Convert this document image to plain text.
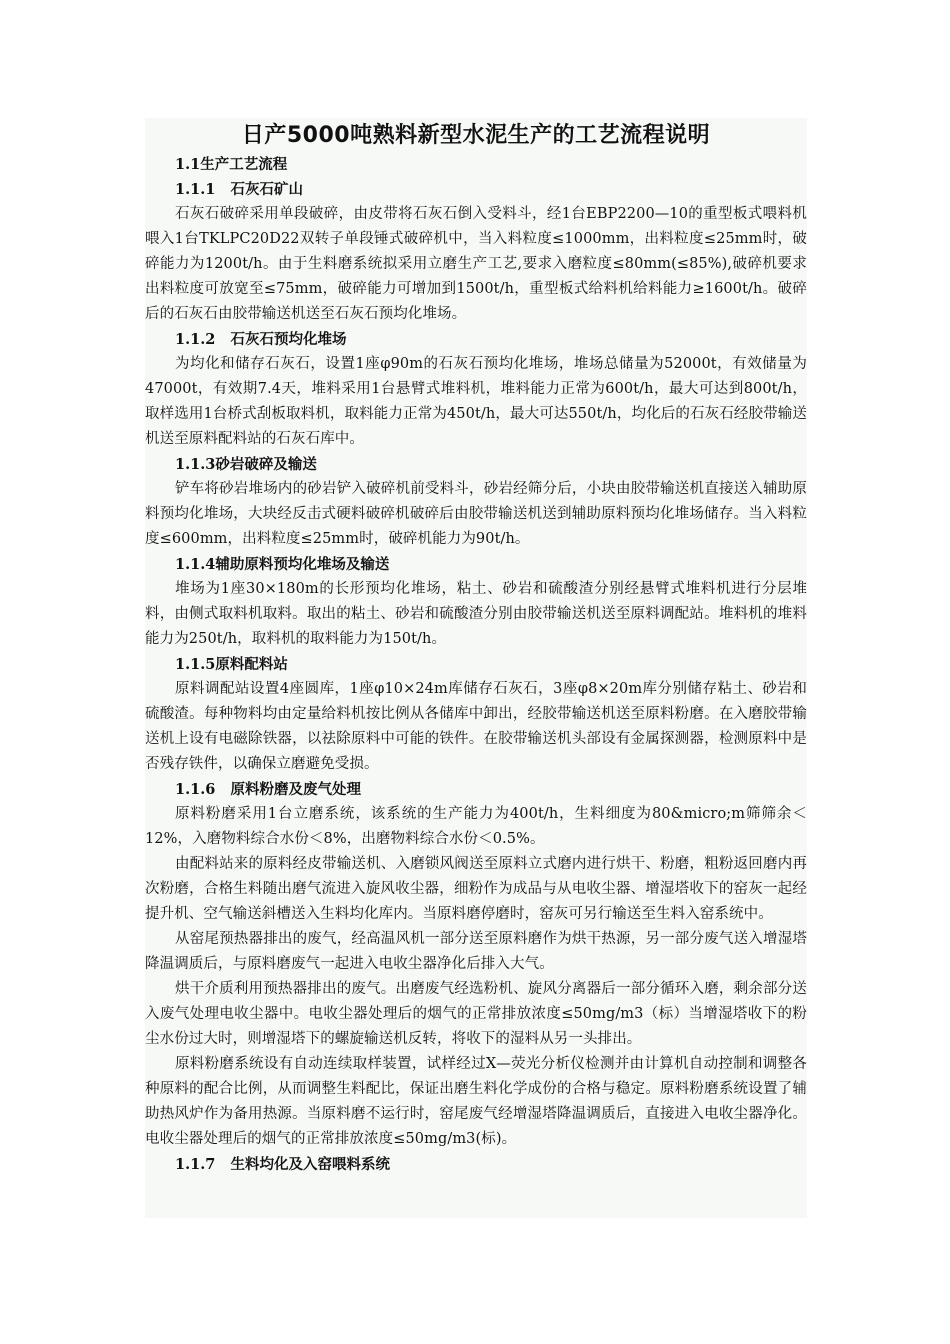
日产5000吨熟料新型水泥生产的工艺流程说明
1.1生产工艺流程
1.1.1   石灰石矿山

石灰石破碎采用单段破碎，由皮带将石灰石倒入受料斗，经1台EBP2200—10的重型板式喂料机喂入1台TKLPC20D22双转子单段锤式破碎机中，当入料粒度≤1000mm，出料粒度≤25mm时，破碎能力为1200t/h。由于生料磨系统拟采用立磨生产工艺,要求入磨粒度≤80mm(≤85%),破碎机要求出料粒度可放宽至≤75mm，破碎能力可增加到1500t/h，重型板式给料机给料能力≥1600t/h。破碎后的石灰石由胶带输送机送至石灰石预均化堆场。

1.1.2   石灰石预均化堆场

为均化和储存石灰石，设置1座φ90m的石灰石预均化堆场，堆场总储量为52000t，有效储量为47000t，有效期7.4天，堆料采用1台悬臂式堆料机，堆料能力正常为600t/h，最大可达到800t/h，取样选用1台桥式刮板取料机，取料能力正常为450t/h，最大可达550t/h，均化后的石灰石经胶带输送机送至原料配料站的石灰石库中。

1.1.3砂岩破碎及输送

铲车将砂岩堆场内的砂岩铲入破碎机前受料斗，砂岩经筛分后，小块由胶带输送机直接送入辅助原料预均化堆场，大块经反击式硬料破碎机破碎后由胶带输送机送到辅助原料预均化堆场储存。当入料粒度≤600mm，出料粒度≤25mm时，破碎机能力为90t/h。

1.1.4辅助原料预均化堆场及输送

堆场为1座30×180m的长形预均化堆场，粘土、砂岩和硫酸渣分别经悬臂式堆料机进行分层堆料，由侧式取料机取料。取出的粘土、砂岩和硫酸渣分别由胶带输送机送至原料调配站。堆料机的堆料能力为250t/h，取料机的取料能力为150t/h。

1.1.5原料配料站

原料调配站设置4座圆库，1座φ10×24m库储存石灰石，3座φ8×20m库分别储存粘土、砂岩和硫酸渣。每种物料均由定量给料机按比例从各储库中卸出，经胶带输送机送至原料粉磨。在入磨胶带输送机上设有电磁除铁器，以祛除原料中可能的铁件。在胶带输送机头部设有金属探测器，检测原料中是否残存铁件，以确保立磨避免受损。

1.1.6   原料粉磨及废气处理

原料粉磨采用1台立磨系统，该系统的生产能力为400t/h，生料细度为80&micro;m筛筛余＜12%，入磨物料综合水份＜8%，出磨物料综合水份＜0.5%。

由配料站来的原料经皮带输送机、入磨锁风阀送至原料立式磨内进行烘干、粉磨，粗粉返回磨内再次粉磨，合格生料随出磨气流进入旋风收尘器，细粉作为成品与从电收尘器、增湿塔收下的窑灰一起经提升机、空气输送斜槽送入生料均化库内。当原料磨停磨时，窑灰可另行输送至生料入窑系统中。

从窑尾预热器排出的废气，经高温风机一部分送至原料磨作为烘干热源，另一部分废气送入增湿塔降温调质后，与原料磨废气一起进入电收尘器净化后排入大气。

烘干介质利用预热器排出的废气。出磨废气经选粉机、旋风分离器后一部分循环入磨，剩余部分送入废气处理电收尘器中。电收尘器处理后的烟气的正常排放浓度≤50mg/m3（标）当增湿塔收下的粉尘水份过大时，则增湿塔下的螺旋输送机反转，将收下的湿料从另一头排出。

原料粉磨系统设有自动连续取样装置，试样经过X—荧光分析仪检测并由计算机自动控制和调整各种原料的配合比例，从而调整生料配比，保证出磨生料化学成份的合格与稳定。原料粉磨系统设置了辅助热风炉作为备用热源。当原料磨不运行时，窑尾废气经增湿塔降温调质后，直接进入电收尘器净化。电收尘器处理后的烟气的正常排放浓度≤50mg/m3(标)。

1.1.7   生料均化及入窑喂料系统
